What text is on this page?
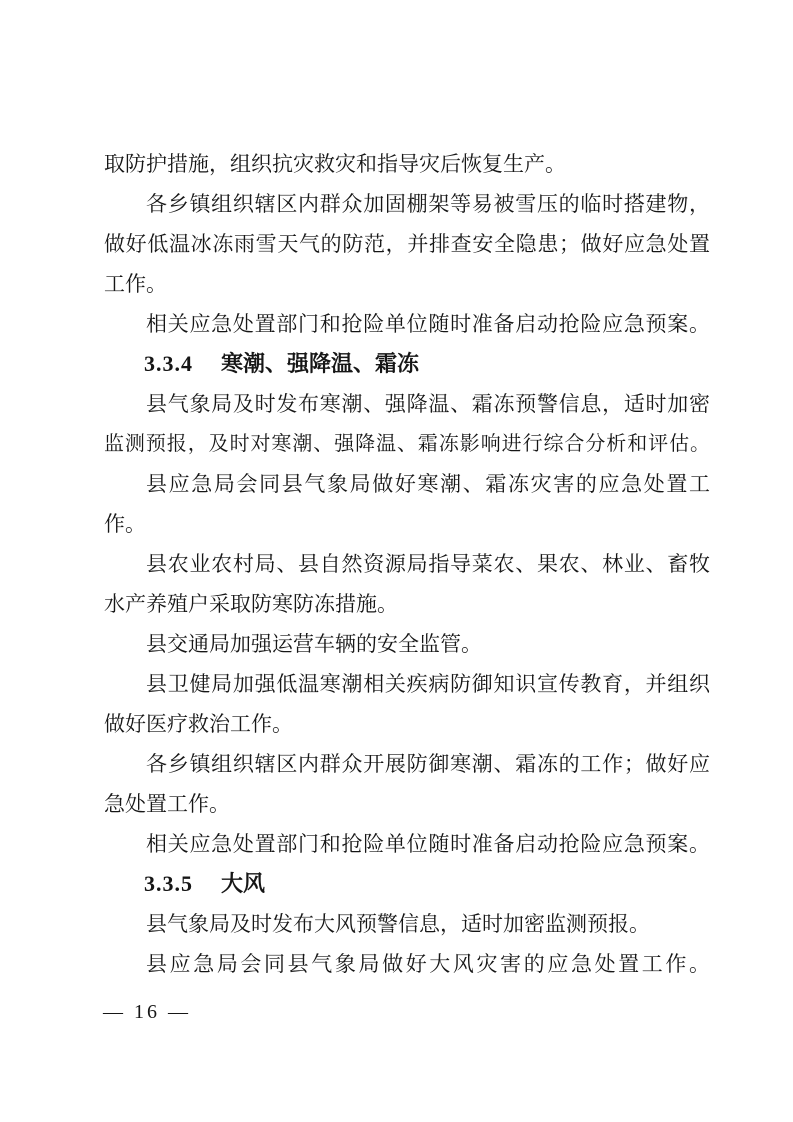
取防护措施，组织抗灾救灾和指导灾后恢复生产。
各乡镇组织辖区内群众加固棚架等易被雪压的临时搭建物，
做好低温冰冻雨雪天气的防范，并排查安全隐患；做好应急处置
工作。
相关应急处置部门和抢险单位随时准备启动抢险应急预案。
3.3.4 寒潮、强降温、霜冻
县气象局及时发布寒潮、强降温、霜冻预警信息，适时加密
监测预报，及时对寒潮、强降温、霜冻影响进行综合分析和评估。
县应急局会同县气象局做好寒潮、霜冻灾害的应急处置工
作。
县农业农村局、县自然资源局指导菜农、果农、林业、畜牧
水产养殖户采取防寒防冻措施。
县交通局加强运营车辆的安全监管。
县卫健局加强低温寒潮相关疾病防御知识宣传教育，并组织
做好医疗救治工作。
各乡镇组织辖区内群众开展防御寒潮、霜冻的工作；做好应
急处置工作。
相关应急处置部门和抢险单位随时准备启动抢险应急预案。
3.3.5 大风
县气象局及时发布大风预警信息，适时加密监测预报。
县应急局会同县气象局做好大风灾害的应急处置工作。
— 16 —
